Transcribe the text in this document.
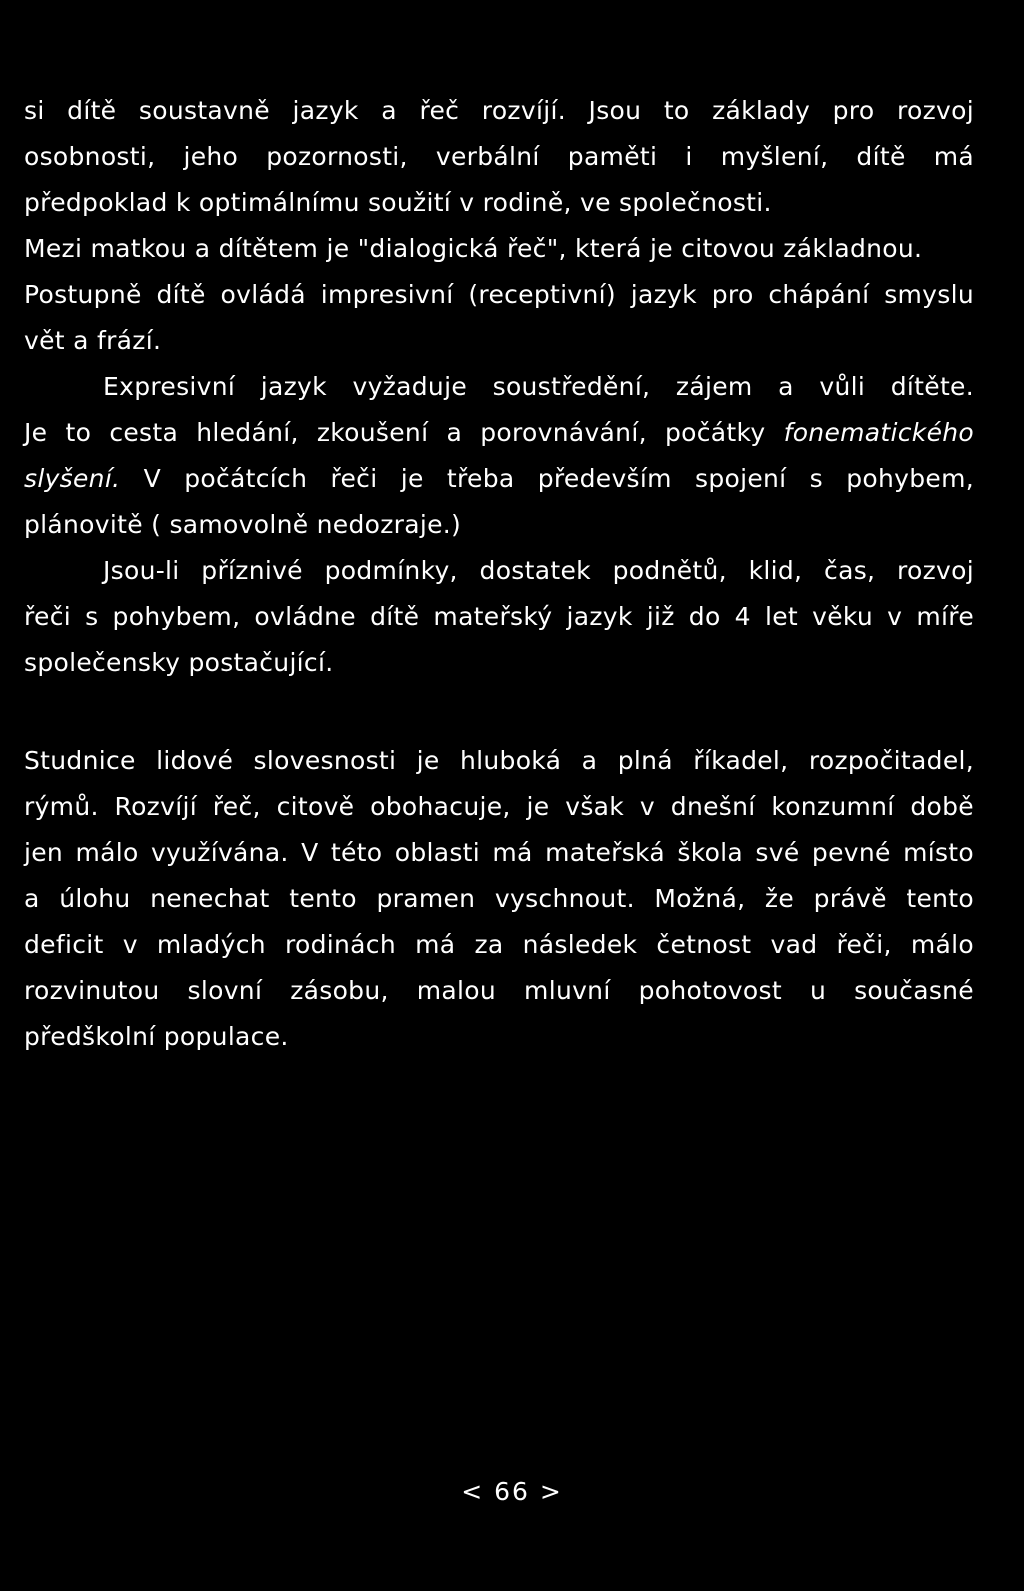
si dítě soustavně jazyk a řeč rozvíjí. Jsou to základy pro rozvoj
osobnosti, jeho pozornosti, verbální paměti i myšlení, dítě má
předpoklad k optimálnímu soužití v rodině, ve společnosti.
Mezi matkou a dítětem je "dialogická řeč", která je citovou základnou.
Postupně dítě ovládá impresivní (receptivní) jazyk pro chápání smyslu
vět a frází.
Expresivní jazyk vyžaduje soustředění, zájem a vůli dítěte.
Je to cesta hledání, zkoušení a porovnávání, počátky fonematického
slyšení. V počátcích řeči je třeba především spojení s pohybem,
plánovitě ( samovolně nedozraje.)
Jsou-li příznivé podmínky, dostatek podnětů, klid, čas, rozvoj
řeči s pohybem, ovládne dítě mateřský jazyk již do 4 let věku v míře
společensky postačující.
Studnice lidové slovesnosti je hluboká a plná říkadel, rozpočitadel,
rýmů. Rozvíjí řeč, citově obohacuje, je však v dnešní konzumní době
jen málo využívána. V této oblasti má mateřská škola své pevné místo
a úlohu nenechat tento pramen vyschnout. Možná, že právě tento
deficit v mladých rodinách má za následek četnost vad řeči, málo
rozvinutou slovní zásobu, malou mluvní pohotovost u současné
předškolní populace.
< 66 >
